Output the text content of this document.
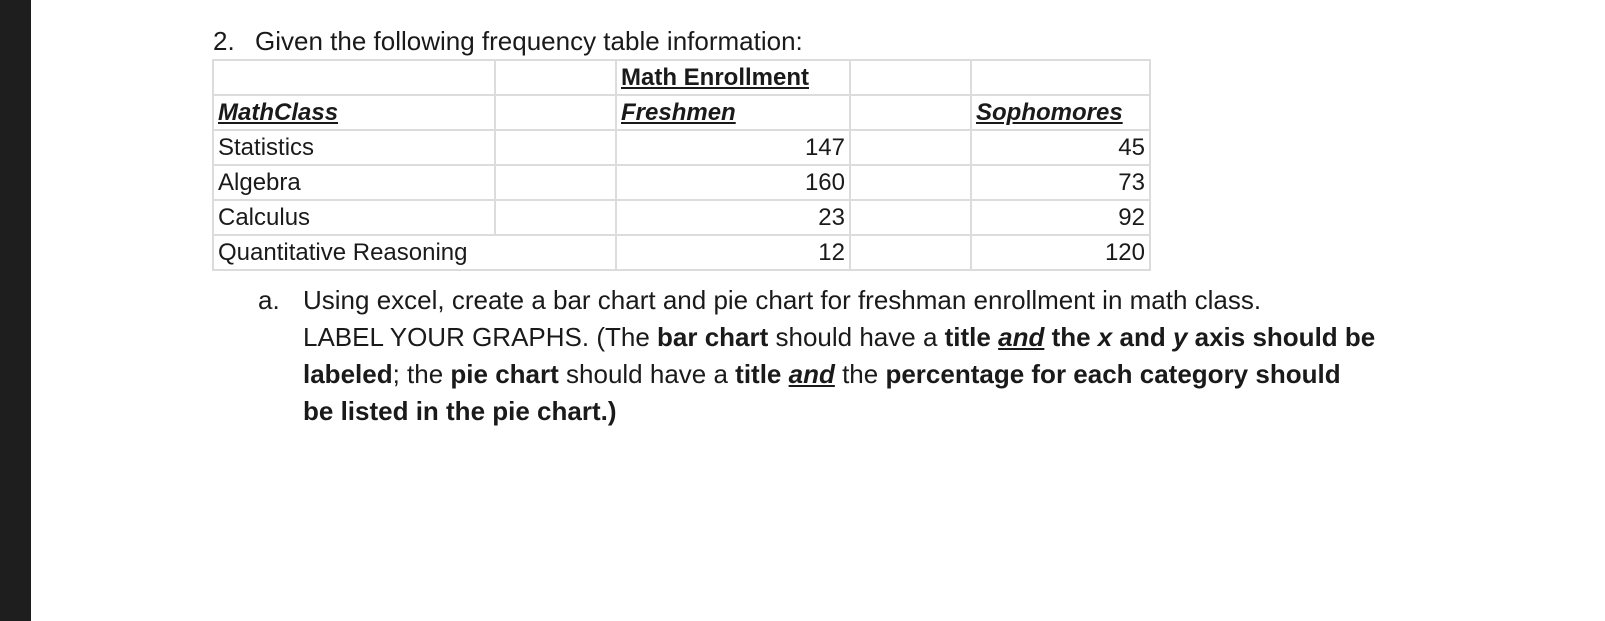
2. Given the following frequency table information:
		Math Enrollment		
MathClass		Freshmen		Sophomores
Statistics		147		45
Algebra		160		73
Calculus		23		92
Quantitative Reasoning		12		120
a. Using excel, create a bar chart and pie chart for freshman enrollment in math class.
LABEL YOUR GRAPHS. (The bar chart should have a title and the x and y axis should be
labeled; the pie chart should have a title and the percentage for each category should
be listed in the pie chart.)
